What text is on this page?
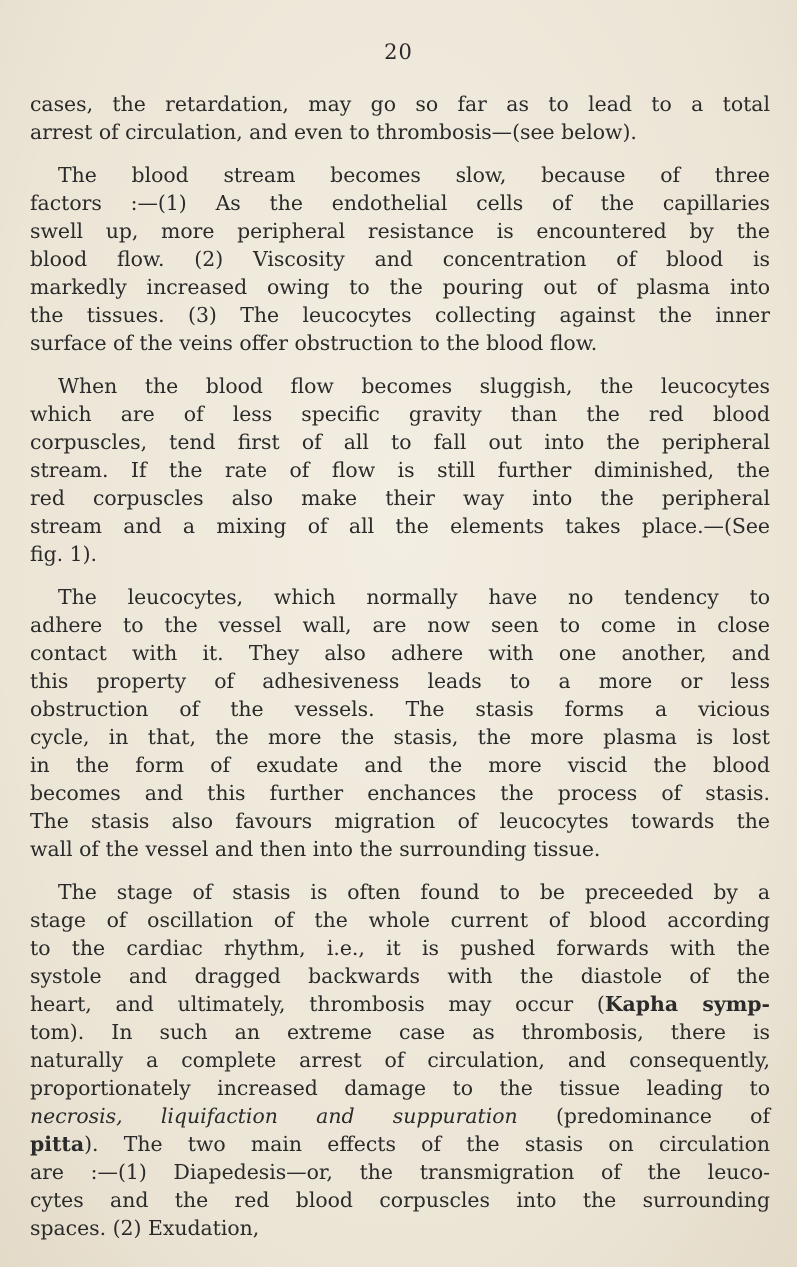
20
cases, the retardation, may go so far as to lead to a total
arrest of circulation, and even to thrombosis—(see below).
The blood stream becomes slow, because of three
factors :—(1) As the endothelial cells of the capillaries
swell up, more peripheral resistance is encountered by the
blood flow. (2) Viscosity and concentration of blood is
markedly increased owing to the pouring out of plasma into
the tissues. (3) The leucocytes collecting against the inner
surface of the veins offer obstruction to the blood flow.
When the blood flow becomes sluggish, the leucocytes
which are of less specific gravity than the red blood
corpuscles, tend first of all to fall out into the peripheral
stream. If the rate of flow is still further diminished, the
red corpuscles also make their way into the peripheral
stream and a mixing of all the elements takes place.—(See
fig. 1).
The leucocytes, which normally have no tendency to
adhere to the vessel wall, are now seen to come in close
contact with it. They also adhere with one another, and
this property of adhesiveness leads to a more or less
obstruction of the vessels. The stasis forms a vicious
cycle, in that, the more the stasis, the more plasma is lost
in the form of exudate and the more viscid the blood
becomes and this further enchances the process of stasis.
The stasis also favours migration of leucocytes towards the
wall of the vessel and then into the surrounding tissue.
The stage of stasis is often found to be preceeded by a
stage of oscillation of the whole current of blood according
to the cardiac rhythm, i.e., it is pushed forwards with the
systole and dragged backwards with the diastole of the
heart, and ultimately, thrombosis may occur (Kapha symp-
tom). In such an extreme case as thrombosis, there is
naturally a complete arrest of circulation, and consequently,
proportionately increased damage to the tissue leading to
necrosis, liquifaction and suppuration (predominance of
pitta). The two main effects of the stasis on circulation
are :—(1) Diapedesis—or, the transmigration of the leuco-
cytes and the red blood corpuscles into the surrounding
spaces. (2) Exudation,
